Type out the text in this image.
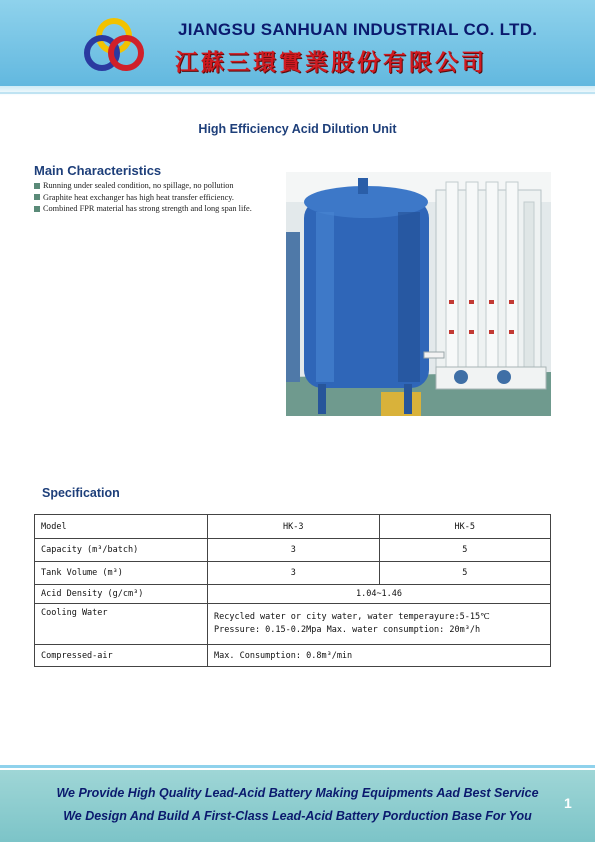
JIANGSU SANHUAN INDUSTRIAL CO. LTD.
江蘇三環實業股份有限公司
High Efficiency Acid Dilution Unit
Main Characteristics
Running under sealed condition, no spillage, no pollution
Graphite heat exchanger has high heat transfer efficiency.
Combined FPR material has strong strength and long span life.
Specification
Model	HK-3	HK-5
Capacity (m³/batch)	3	5
Tank Volume (m³)	3	5
Acid Density (g/cm³)	1.04~1.46	
Cooling Water	Recycled water or city water, water temperayure:5-15℃
Pressure: 0.15-0.2Mpa Max. water consumption: 20m³/h	

Compressed-air	Max. Consumption: 0.8m³/min	
We Provide High Quality Lead-Acid Battery Making Equipments Aad Best Service
We Design And Build A First-Class Lead-Acid Battery Porduction Base For You
1
